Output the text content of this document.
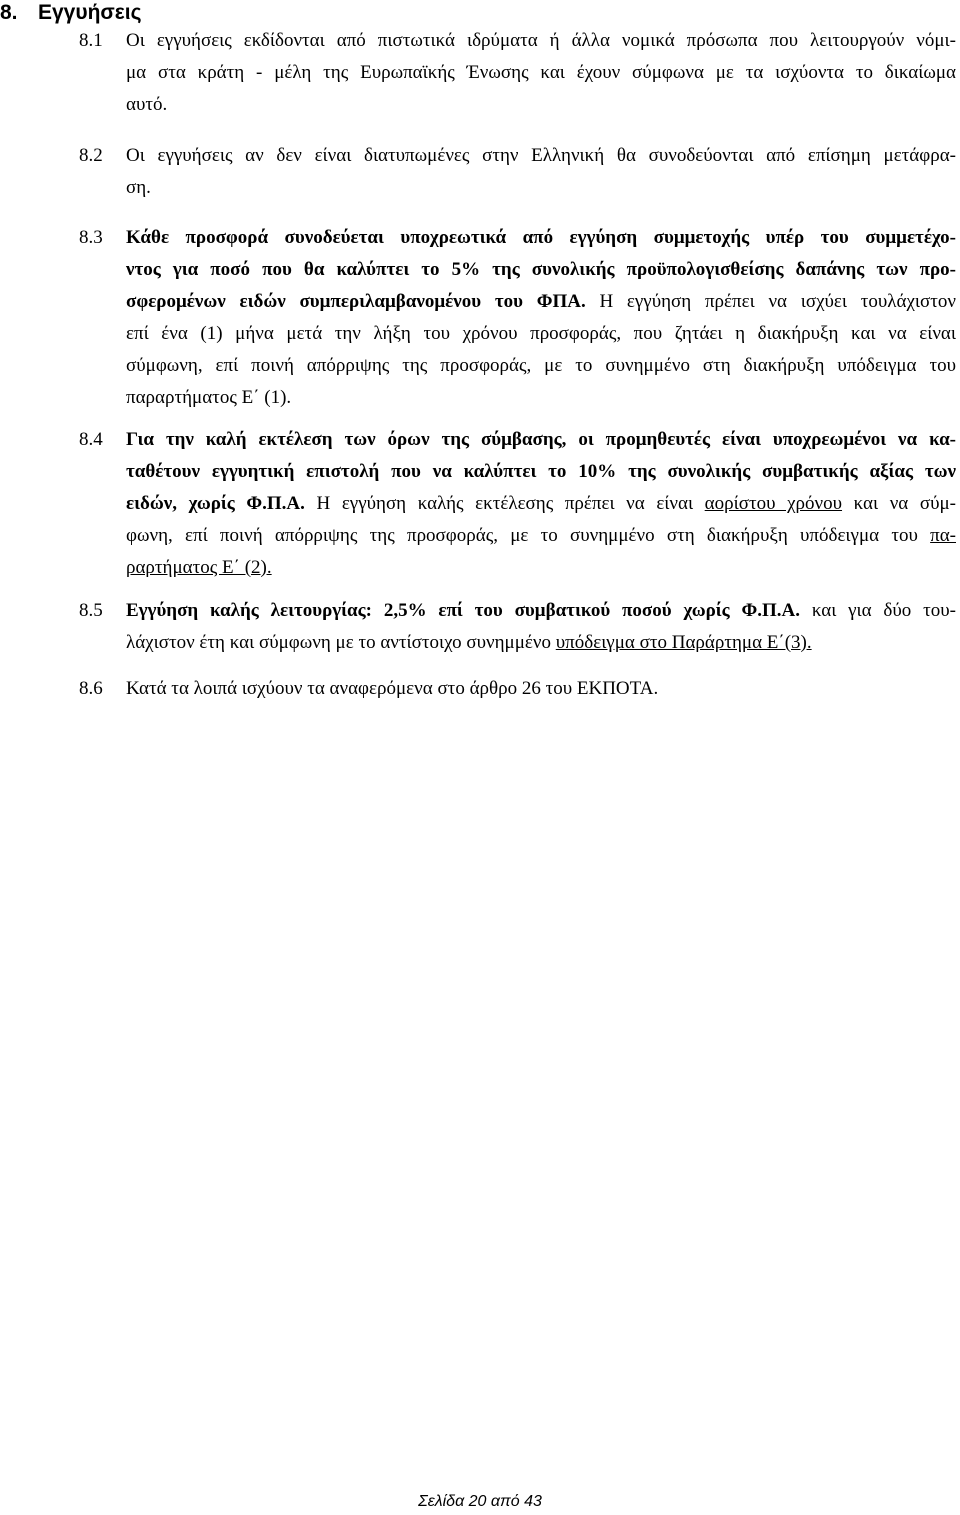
8. Εγγυήσεις
8.1 Οι εγγυήσεις εκδίδονται από πιστωτικά ιδρύματα ή άλλα νομικά πρόσωπα που λειτουργούν νόμι-
μα στα κράτη - μέλη της Ευρωπαϊκής Ένωσης και έχουν σύμφωνα με τα ισχύοντα το δικαίωμα
αυτό.
8.2 Οι εγγυήσεις αν δεν είναι διατυπωμένες στην Ελληνική θα συνοδεύονται από επίσημη μετάφρα-
ση.
8.3 Κάθε προσφορά συνοδεύεται υποχρεωτικά από εγγύηση συμμετοχής υπέρ του συμμετέχο-
ντος για ποσό που θα καλύπτει το 5% της συνολικής προϋπολογισθείσης δαπάνης των προ-
σφερομένων ειδών συμπεριλαμβανομένου του ΦΠΑ. Η εγγύηση πρέπει να ισχύει τουλάχιστον
επί ένα (1) μήνα μετά την λήξη του χρόνου προσφοράς, που ζητάει η διακήρυξη και να είναι
σύμφωνη, επί ποινή απόρριψης της προσφοράς, με το συνημμένο στη διακήρυξη υπόδειγμα του
παραρτήματος Ε΄ (1).
8.4 Για την καλή εκτέλεση των όρων της σύμβασης, οι προμηθευτές είναι υποχρεωμένοι να κα-
ταθέτουν εγγυητική επιστολή που να καλύπτει το 10% της συνολικής συμβατικής αξίας των
ειδών, χωρίς Φ.Π.Α. Η εγγύηση καλής εκτέλεσης πρέπει να είναι αορίστου χρόνου και να σύμ-
φωνη, επί ποινή απόρριψης της προσφοράς, με το συνημμένο στη διακήρυξη υπόδειγμα του πα-
ραρτήματος Ε΄ (2).
8.5 Εγγύηση καλής λειτουργίας: 2,5% επί του συμβατικού ποσού χωρίς Φ.Π.Α. και για δύο του-
λάχιστον έτη και σύμφωνη με το αντίστοιχο συνημμένο υπόδειγμα στο Παράρτημα Ε΄(3).
8.6 Κατά τα λοιπά ισχύουν τα αναφερόμενα στο άρθρο 26 του ΕΚΠΟΤΑ.
Σελίδα 20 από 43
